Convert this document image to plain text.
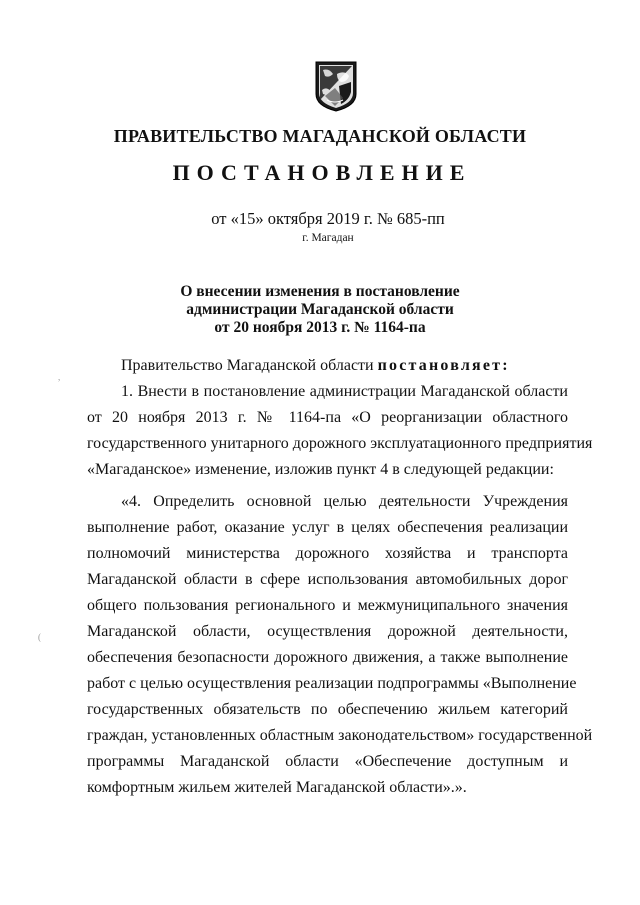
ПРАВИТЕЛЬСТВО МАГАДАНСКОЙ ОБЛАСТИ
ПОСТАНОВЛЕНИЕ
от «15» октября 2019 г. № 685-пп
г. Магадан
О внесении изменения в постановление
администрации Магаданской области
от 20 ноября 2013 г. № 1164-па
Правительство Магаданской области постановляет:
1. Внести в постановление администрации Магаданской области
от 20 ноября 2013 г. № 1164-па «О реорганизации областного
государственного унитарного дорожного эксплуатационного предприятия
«Магаданское» изменение, изложив пункт 4 в следующей редакции:
«4. Определить основной целью деятельности Учреждения
выполнение работ, оказание услуг в целях обеспечения реализации
полномочий министерства дорожного хозяйства и транспорта
Магаданской области в сфере использования автомобильных дорог
общего пользования регионального и межмуниципального значения
Магаданской области, осуществления дорожной деятельности,
обеспечения безопасности дорожного движения, а также выполнение
работ с целью осуществления реализации подпрограммы «Выполнение
государственных обязательств по обеспечению жильем категорий
граждан, установленных областным законодательством» государственной
программы Магаданской области «Обеспечение доступным и
комфортным жильем жителей Магаданской области».».
,
(
